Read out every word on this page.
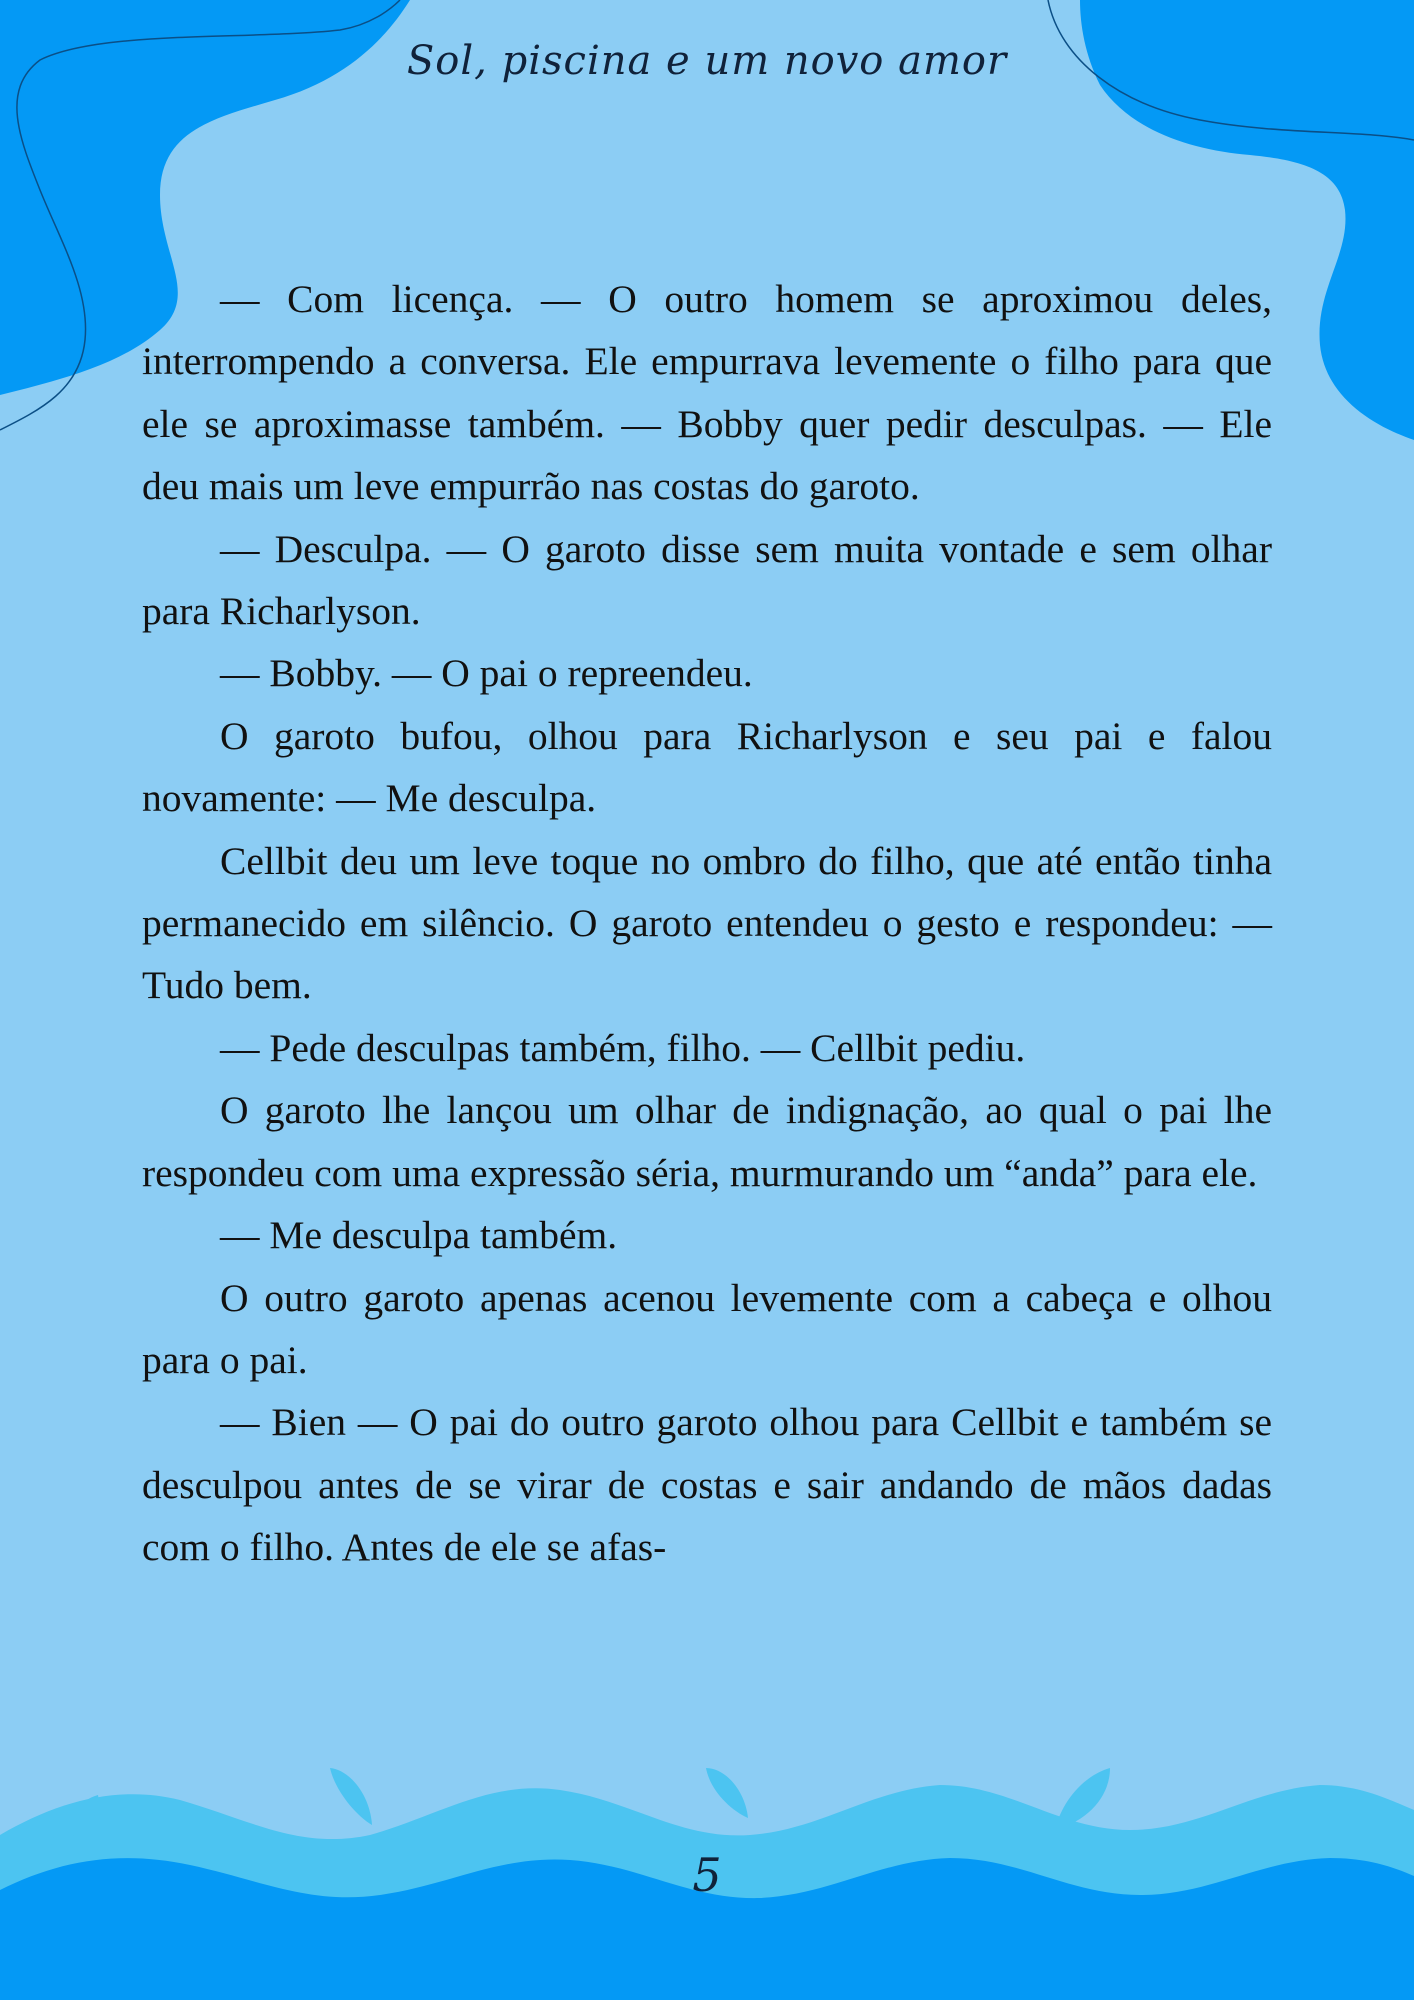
Sol, piscina e um novo amor

— Com licença. — O outro homem se aproximou deles, interrompendo a conversa. Ele empurrava levemente o filho para que ele se aproximasse também. — Bobby quer pedir desculpas. — Ele deu mais um leve empurrão nas costas do garoto.

— Desculpa. — O garoto disse sem muita vontade e sem olhar para Richarlyson.

— Bobby. — O pai o repreendeu.

O garoto bufou, olhou para Richarlyson e seu pai e falou novamente: — Me desculpa.

Cellbit deu um leve toque no ombro do filho, que até então tinha permanecido em silêncio. O garoto entendeu o gesto e respondeu: — Tudo bem.

— Pede desculpas também, filho. — Cellbit pediu.

O garoto lhe lançou um olhar de indignação, ao qual o pai lhe respondeu com uma expressão séria, murmurando um “anda” para ele.

— Me desculpa também.

O outro garoto apenas acenou levemente com a cabeça e olhou para o pai.

— Bien — O pai do outro garoto olhou para Cellbit e também se desculpou antes de se virar de costas e sair andando de mãos dadas com o filho. Antes de ele se afas-

5
